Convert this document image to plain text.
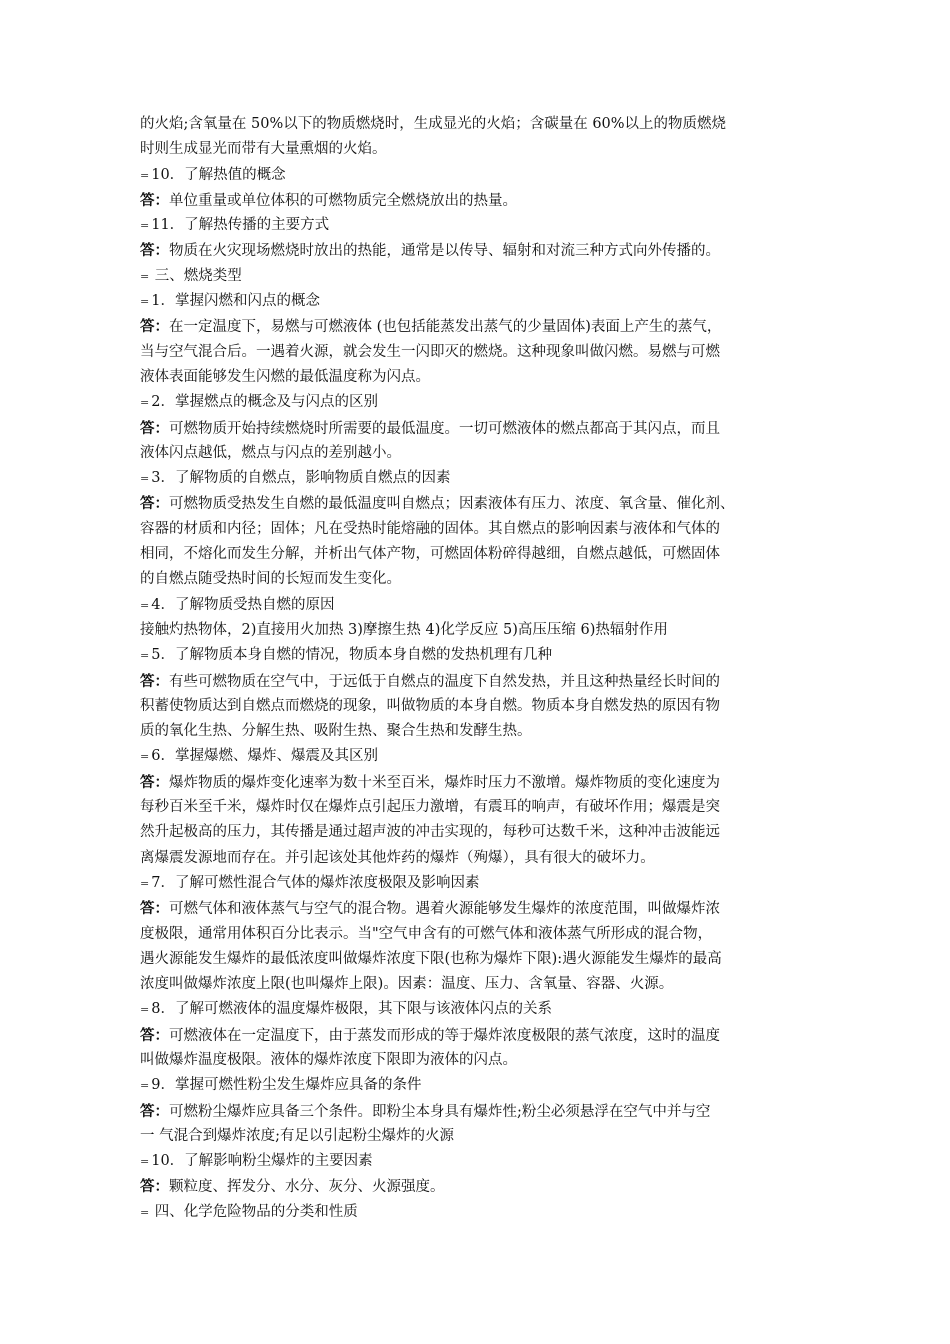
的火焰;含氧量在 50%以下的物质燃烧时，生成显光的火焰；含碳量在 60%以上的物质燃烧
时则生成显光而带有大量熏烟的火焰。
= 10．了解热值的概念
答：单位重量或单位体积的可燃物质完全燃烧放出的热量。
= 11．了解热传播的主要方式
答：物质在火灾现场燃烧时放出的热能，通常是以传导、辐射和对流三种方式向外传播的。
= 三、燃烧类型
= 1．掌握闪燃和闪点的概念
答：在一定温度下，易燃与可燃液体 (也包括能蒸发出蒸气的少量固体)表面上产生的蒸气，
当与空气混合后。一遇着火源，就会发生一闪即灭的燃烧。这种现象叫做闪燃。易燃与可燃
液体表面能够发生闪燃的最低温度称为闪点。
= 2．掌握燃点的概念及与闪点的区别
答：可燃物质开始持续燃烧时所需要的最低温度。一切可燃液体的燃点都高于其闪点，而且
液体闪点越低，燃点与闪点的差别越小。
= 3．了解物质的自燃点，影响物质自燃点的因素
答：可燃物质受热发生自燃的最低温度叫自燃点；因素液体有压力、浓度、氧含量、催化剂、
容器的材质和内径；固体；凡在受热时能熔融的固体。其自燃点的影响因素与液体和气体的
相同，不熔化而发生分解，并析出气体产物，可燃固体粉碎得越细，自燃点越低，可燃固体
的自燃点随受热时间的长短而发生变化。
= 4．了解物质受热自燃的原因
接触灼热物体，2)直接用火加热 3)摩擦生热 4)化学反应 5)高压压缩 6)热辐射作用
= 5．了解物质本身自燃的情况，物质本身自燃的发热机理有几种
答：有些可燃物质在空气中，于远低于自燃点的温度下自然发热，并且这种热量经长时间的
积蓄使物质达到自燃点而燃烧的现象，叫做物质的本身自燃。物质本身自燃发热的原因有物
质的氧化生热、分解生热、吸附生热、聚合生热和发酵生热。
= 6．掌握爆燃、爆炸、爆震及其区别
答：爆炸物质的爆炸变化速率为数十米至百米，爆炸时压力不激增。爆炸物质的变化速度为
每秒百米至千米，爆炸时仅在爆炸点引起压力激增，有震耳的响声，有破坏作用；爆震是突
然升起极高的压力，其传播是通过超声波的冲击实现的，每秒可达数千米，这种冲击波能远
离爆震发源地而存在。并引起该处其他炸药的爆炸（殉爆），具有很大的破坏力。
= 7．了解可燃性混合气体的爆炸浓度极限及影响因素
答：可燃气体和液体蒸气与空气的混合物。遇着火源能够发生爆炸的浓度范围，叫做爆炸浓
度极限，通常用体积百分比表示。当"空气申含有的可燃气体和液体蒸气所形成的混合物，
遇火源能发生爆炸的最低浓度叫做爆炸浓度下限(也称为爆炸下限):遇火源能发生爆炸的最高
浓度叫做爆炸浓度上限(也叫爆炸上限)。因素：温度、压力、含氧量、容器、火源。
= 8．了解可燃液体的温度爆炸极限，其下限与该液体闪点的关系
答：可燃液体在一定温度下，由于蒸发而形成的等于爆炸浓度极限的蒸气浓度，这时的温度
叫做爆炸温度极限。液体的爆炸浓度下限即为液体的闪点。
= 9．掌握可燃性粉尘发生爆炸应具备的条件
答：可燃粉尘爆炸应具备三个条件。即粉尘本身具有爆炸性;粉尘必须悬浮在空气中并与空
一 气混合到爆炸浓度;有足以引起粉尘爆炸的火源
= 10．了解影响粉尘爆炸的主要因素
答：颗粒度、挥发分、水分、灰分、火源强度。
= 四、化学危险物品的分类和性质
